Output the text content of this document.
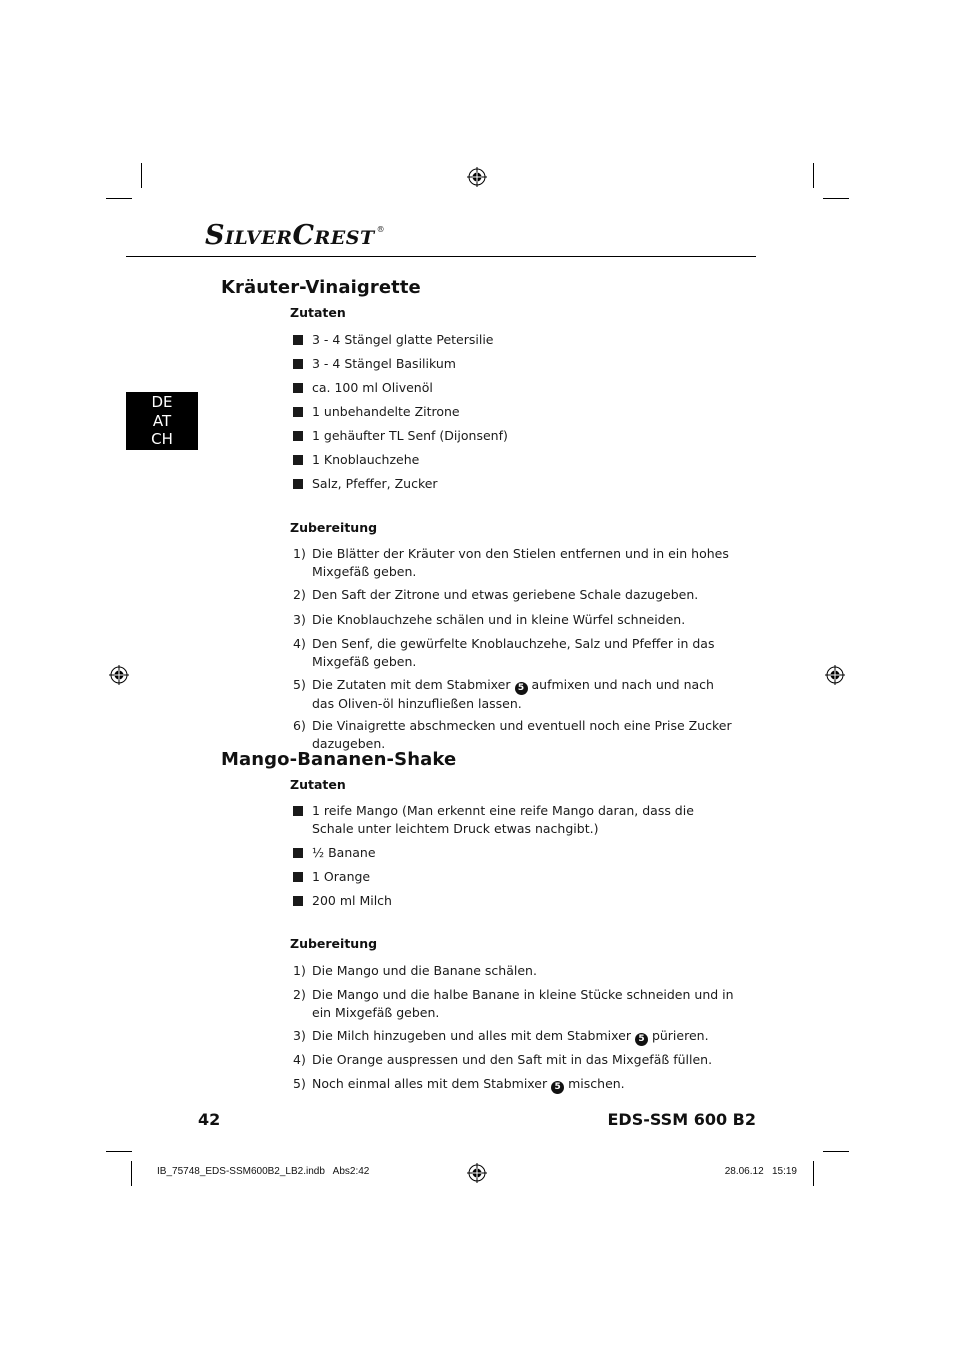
SILVERCREST ®
DE
AT
CH
Kräuter-Vinaigrette
Zutaten
3 - 4 Stängel glatte Petersilie
3 - 4 Stängel Basilikum
ca. 100 ml Olivenöl
1 unbehandelte Zitrone
1 gehäufter TL Senf (Dijonsenf)
1 Knoblauchzehe
Salz, Pfeffer, Zucker
Zubereitung
1) Die Blätter der Kräuter von den Stielen entfernen und in ein hohes Mixgefäß geben.
2) Den Saft der Zitrone und etwas geriebene Schale dazugeben.
3) Die Knoblauchzehe schälen und in kleine Würfel schneiden.
4) Den Senf, die gewürfelte Knoblauchzehe, Salz und Pfeffer in das Mixgefäß geben.
5) Die Zutaten mit dem Stabmixer 5 aufmixen und nach und nach das Oliven-öl hinzufließen lassen.
6) Die Vinaigrette abschmecken und eventuell noch eine Prise Zucker dazugeben.
Mango-Bananen-Shake
Zutaten
1 reife Mango (Man erkennt eine reife Mango daran, dass die Schale unter leichtem Druck etwas nachgibt.)
½ Banane
1 Orange
200 ml Milch
Zubereitung
1) Die Mango und die Banane schälen.
2) Die Mango und die halbe Banane in kleine Stücke schneiden und in ein Mixgefäß geben.
3) Die Milch hinzugeben und alles mit dem Stabmixer 5 pürieren.
4) Die Orange auspressen und den Saft mit in das Mixgefäß füllen.
5) Noch einmal alles mit dem Stabmixer 5 mischen.
42	EDS-SSM 600 B2
IB_75748_EDS-SSM600B2_LB2.indb   Abs2:42	28.06.12   15:19
